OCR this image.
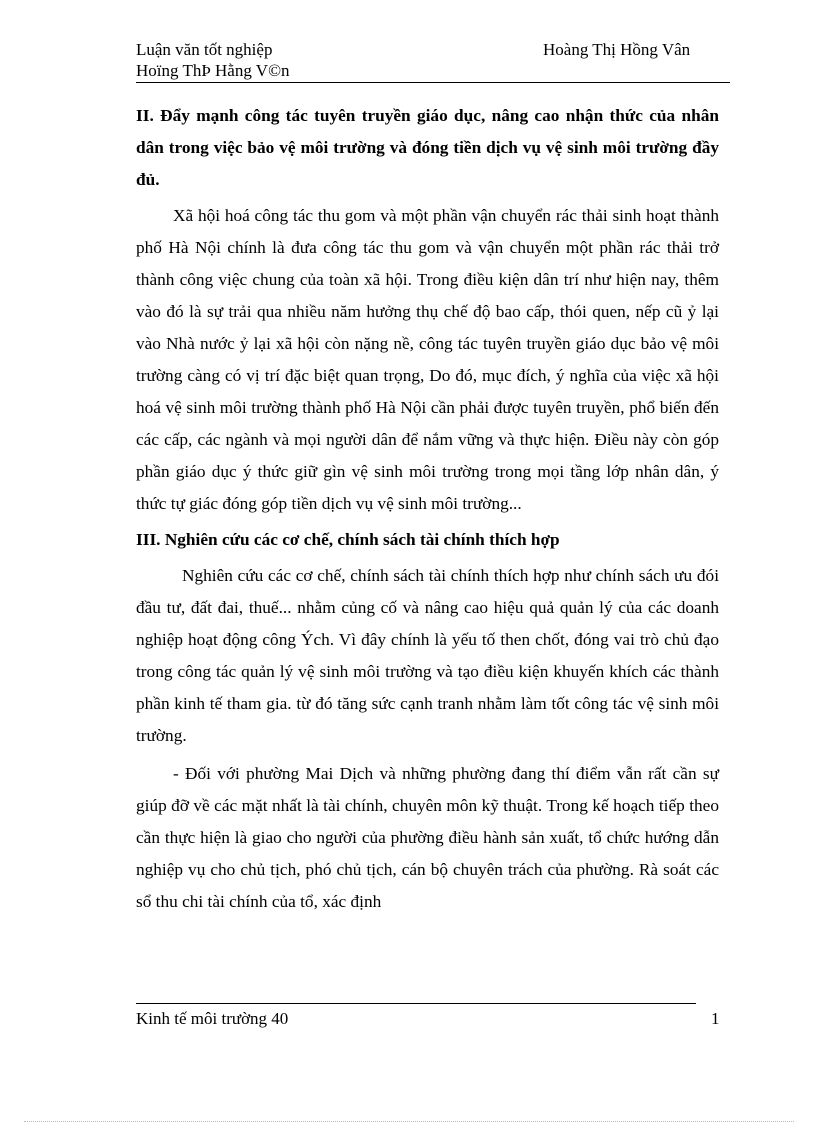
Luận văn tốt nghiệp
Hoïng ThÞ Hằng V©n
Hoàng Thị Hồng Vân

II. Đẩy mạnh công tác tuyên truyền giáo dục, nâng cao nhận thức của nhân dân trong việc bảo vệ môi trường và đóng tiền dịch vụ vệ sinh môi trường đầy đủ.

Xã hội hoá công tác thu gom và một phần vận chuyển rác thải sinh hoạt thành phố Hà Nội chính là đưa công tác thu gom và vận chuyển một phần rác thải trở thành công việc chung của toàn xã hội. Trong điều kiện dân trí như hiện nay, thêm vào đó là sự trải qua nhiều năm hưởng thụ chế độ bao cấp, thói quen, nếp cũ ỷ lại vào Nhà nước ỷ lại xã hội còn nặng nề, công tác tuyên truyền giáo dục bảo vệ môi trường càng có vị trí đặc biệt quan trọng, Do đó, mục đích, ý nghĩa của việc xã hội hoá vệ sinh môi trường thành phố Hà Nội cần phải được tuyên truyền, phổ biến đến các cấp, các ngành và mọi người dân để nắm vững và thực hiện. Điều này còn góp phần giáo dục ý thức giữ gìn vệ sinh môi trường trong mọi tầng lớp nhân dân, ý thức tự giác đóng góp tiền dịch vụ vệ sinh môi trường...

III. Nghiên cứu các cơ chế, chính sách tài chính thích hợp

Nghiên cứu các cơ chế, chính sách tài chính thích hợp như chính sách ưu đói đầu tư, đất đai, thuế... nhằm củng cố và nâng cao hiệu quả quản lý của các doanh nghiệp hoạt động công Ých. Vì đây chính là yếu tố then chốt, đóng vai trò chủ đạo trong công tác quản lý vệ sinh môi trường và tạo điều kiện khuyến khích các thành phần kinh tế tham gia. từ đó tăng sức cạnh tranh nhằm làm tốt công tác vệ sinh môi trường.

- Đối với phường Mai Dịch và những phường đang thí điểm vẫn rất cần sự giúp đỡ về các mặt nhất là tài chính, chuyên môn kỹ thuật. Trong kế hoạch tiếp theo cần thực hiện là giao cho người của phường điều hành sản xuất, tổ chức hướng dẫn nghiệp vụ cho chủ tịch, phó chủ tịch, cán bộ chuyên trách của phường. Rà soát các sổ thu chi tài chính của tổ, xác định

Kinh tế môi trường 40	1
